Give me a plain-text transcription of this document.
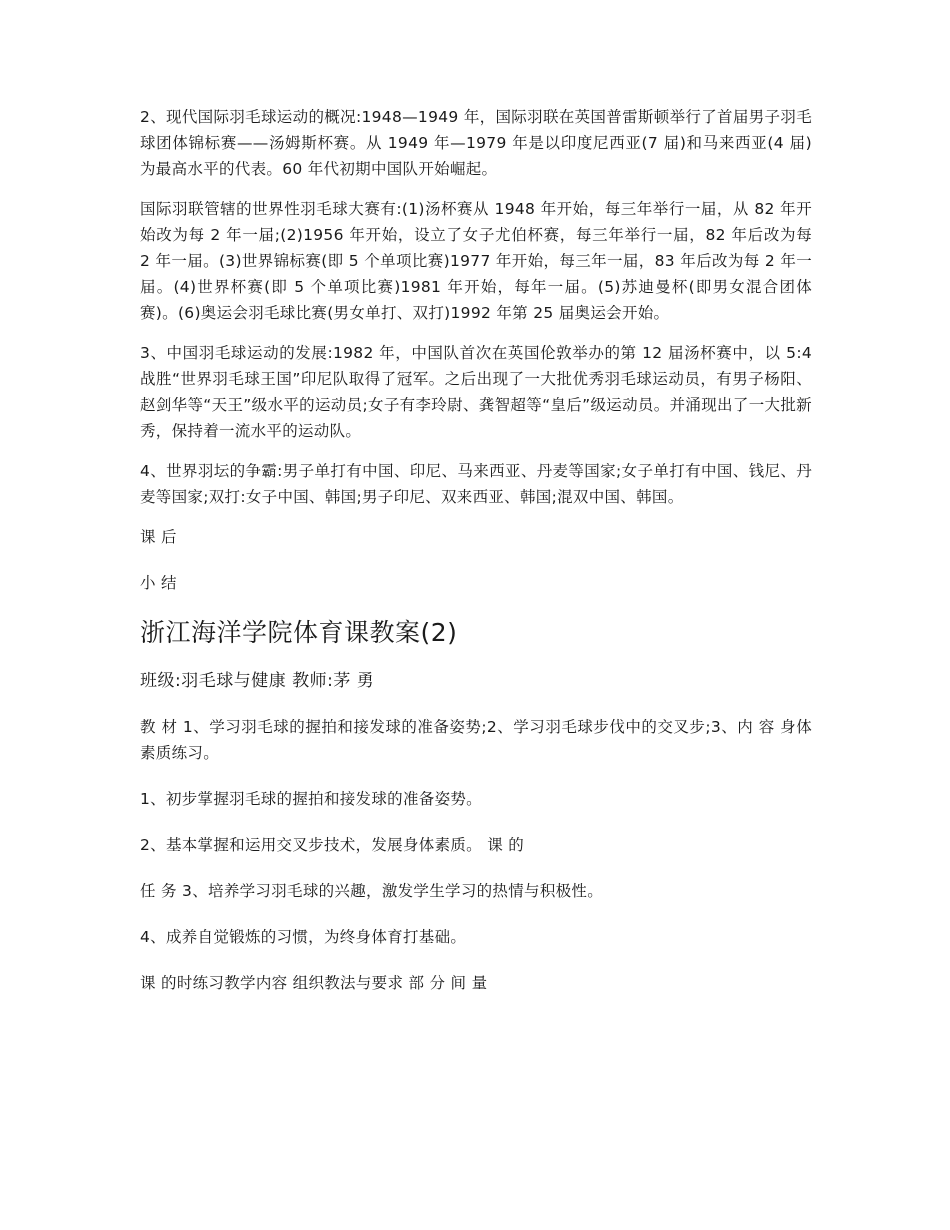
2、现代国际羽毛球运动的概况:1948—1949 年，国际羽联在英国普雷斯顿举行了首届男子羽毛球团体锦标赛——汤姆斯杯赛。从 1949 年—1979 年是以印度尼西亚(7 届)和马来西亚(4 届)为最高水平的代表。60 年代初期中国队开始崛起。

国际羽联管辖的世界性羽毛球大赛有:(1)汤杯赛从 1948 年开始，每三年举行一届，从 82 年开始改为每 2 年一届;(2)1956 年开始，设立了女子尤伯杯赛，每三年举行一届，82 年后改为每 2 年一届。(3)世界锦标赛(即 5 个单项比赛)1977 年开始，每三年一届，83 年后改为每 2 年一届。(4)世界杯赛(即 5 个单项比赛)1981 年开始，每年一届。(5)苏迪曼杯(即男女混合团体赛)。(6)奥运会羽毛球比赛(男女单打、双打)1992 年第 25 届奥运会开始。

3、中国羽毛球运动的发展:1982 年，中国队首次在英国伦敦举办的第 12 届汤杯赛中，以 5:4 战胜“世界羽毛球王国”印尼队取得了冠军。之后出现了一大批优秀羽毛球运动员，有男子杨阳、赵剑华等“天王”级水平的运动员;女子有李玲尉、龚智超等“皇后”级运动员。并涌现出了一大批新秀，保持着一流水平的运动队。

4、世界羽坛的争霸:男子单打有中国、印尼、马来西亚、丹麦等国家;女子单打有中国、钱尼、丹麦等国家;双打:女子中国、韩国;男子印尼、双来西亚、韩国;混双中国、韩国。

课 后
小 结
浙江海洋学院体育课教案(2)
班级:羽毛球与健康 教师:茅 勇

教 材 1、学习羽毛球的握拍和接发球的准备姿势;2、学习羽毛球步伐中的交叉步;3、内 容 身体素质练习。

1、初步掌握羽毛球的握拍和接发球的准备姿势。
2、基本掌握和运用交叉步技术，发展身体素质。 课 的
任 务 3、培养学习羽毛球的兴趣，激发学生学习的热情与积极性。
4、成养自觉锻炼的习惯，为终身体育打基础。
课 的时练习教学内容 组织教法与要求 部 分 间 量
